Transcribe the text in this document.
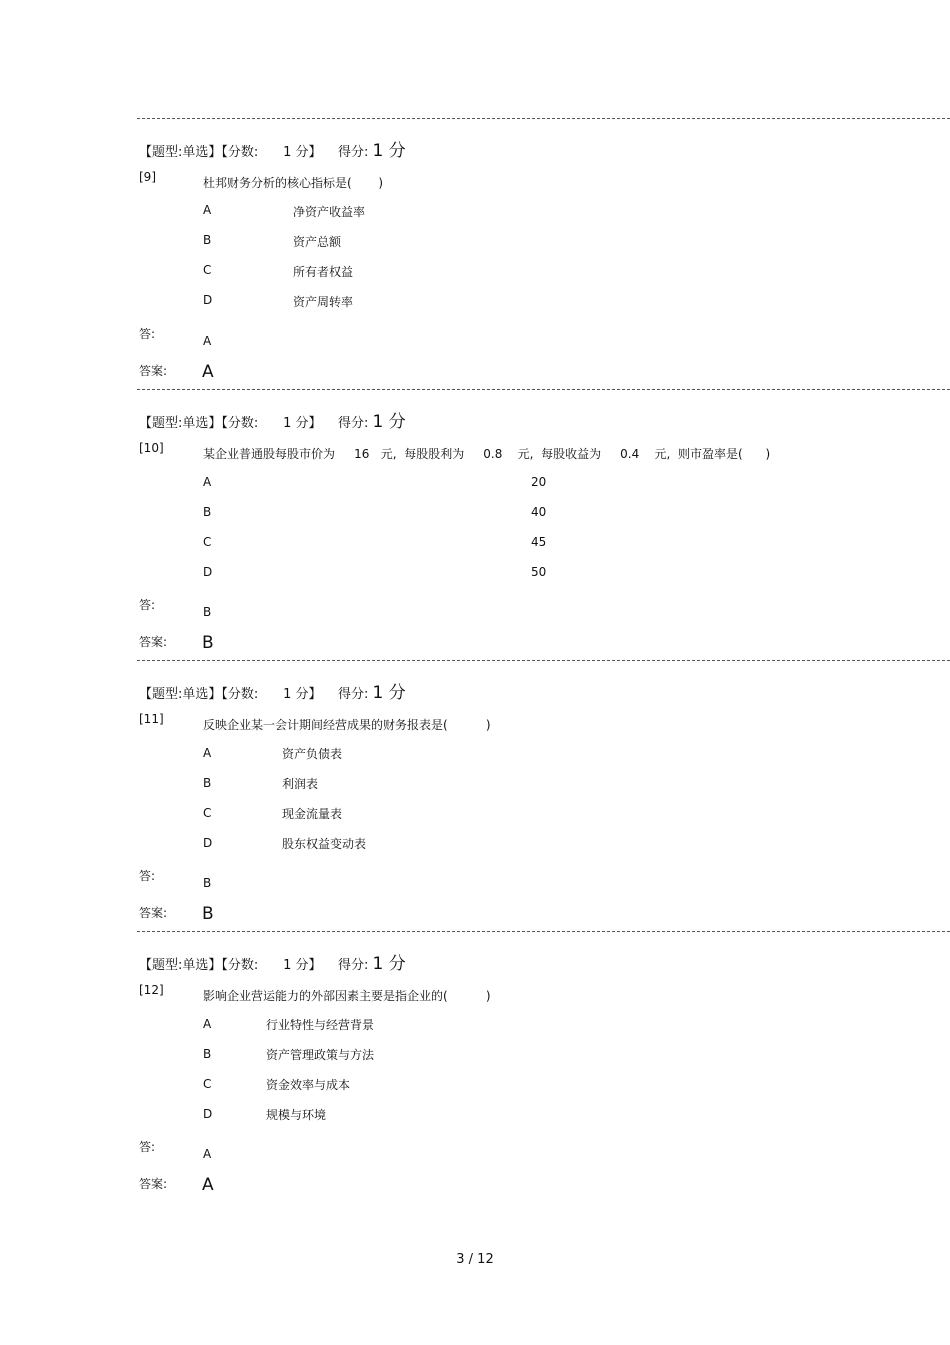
【题型:单选】【分数: 1 分】 得分: 1 分
[9]	杜邦财务分析的核心指标是(       )
A	净资产收益率
B	资产总额
C	所有者权益
D	资产周转率
答:	A
答案: A
【题型:单选】【分数: 1 分】 得分: 1 分
[10]	某企业普通股每股市价为     16   元,  每股股利为     0.8    元,  每股收益为     0.4    元,  则市盈率是(      )
A	20
B	40
C	45
D	50
答:	B
答案: B
【题型:单选】【分数: 1 分】 得分: 1 分
[11]	反映企业某一会计期间经营成果的财务报表是(          )
A	资产负债表
B	利润表
C	现金流量表
D	股东权益变动表
答:	B
答案: B
【题型:单选】【分数: 1 分】 得分: 1 分
[12]	影响企业营运能力的外部因素主要是指企业的(          )
A	行业特性与经营背景
B	资产管理政策与方法
C	资金效率与成本
D	规模与环境
答:	A
答案: A
3 / 12
